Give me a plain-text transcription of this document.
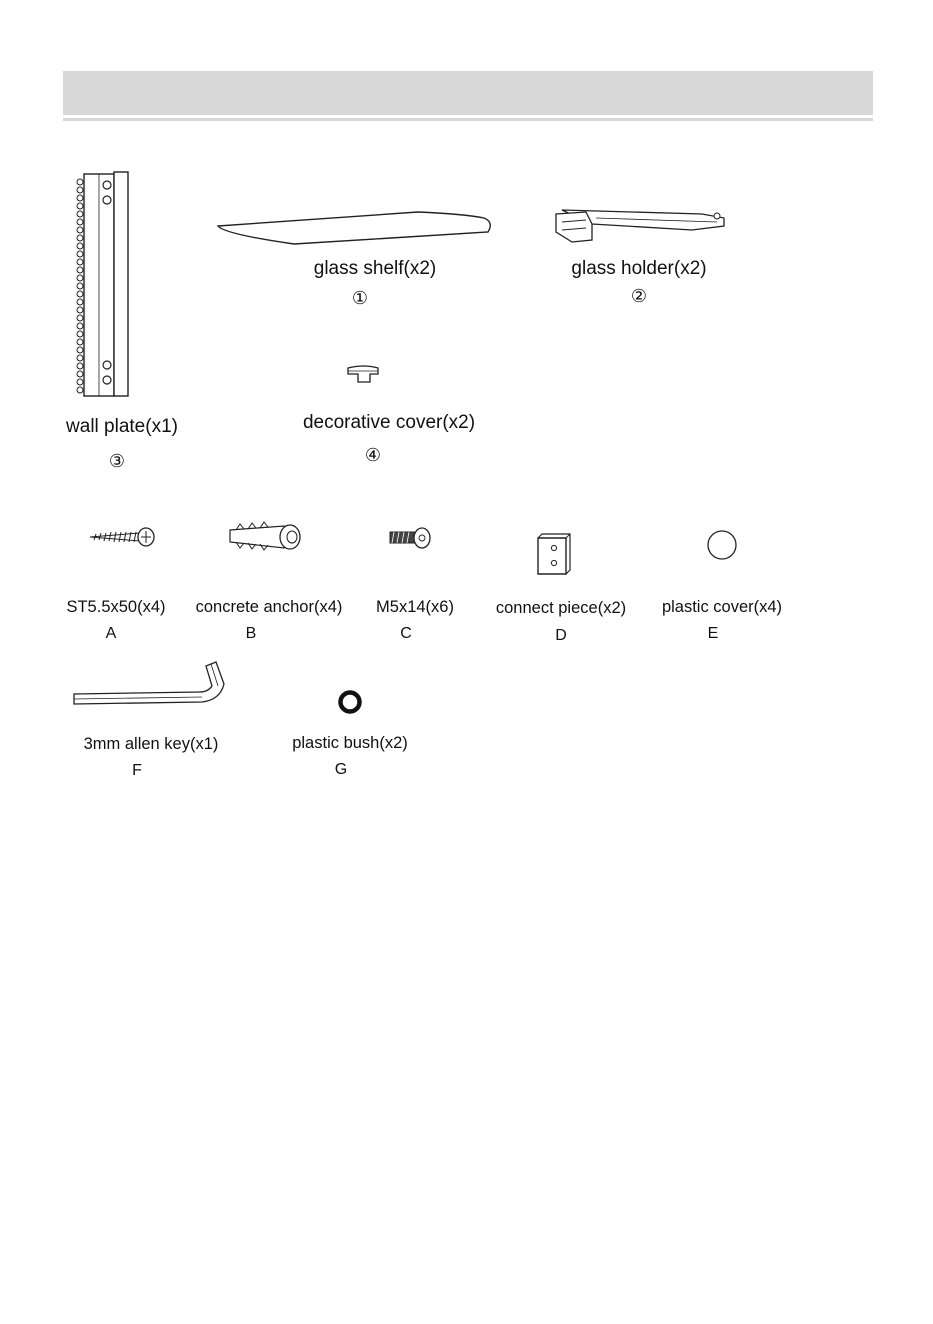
wall plate(x1)
③
glass shelf(x2)
①
glass holder(x2)
②
decorative cover(x2)
④
ST5.5x50(x4)
A
concrete anchor(x4)
B
M5x14(x6)
C
connect piece(x2)
D
plastic cover(x4)
E
3mm allen key(x1)
F
plastic bush(x2)
G
